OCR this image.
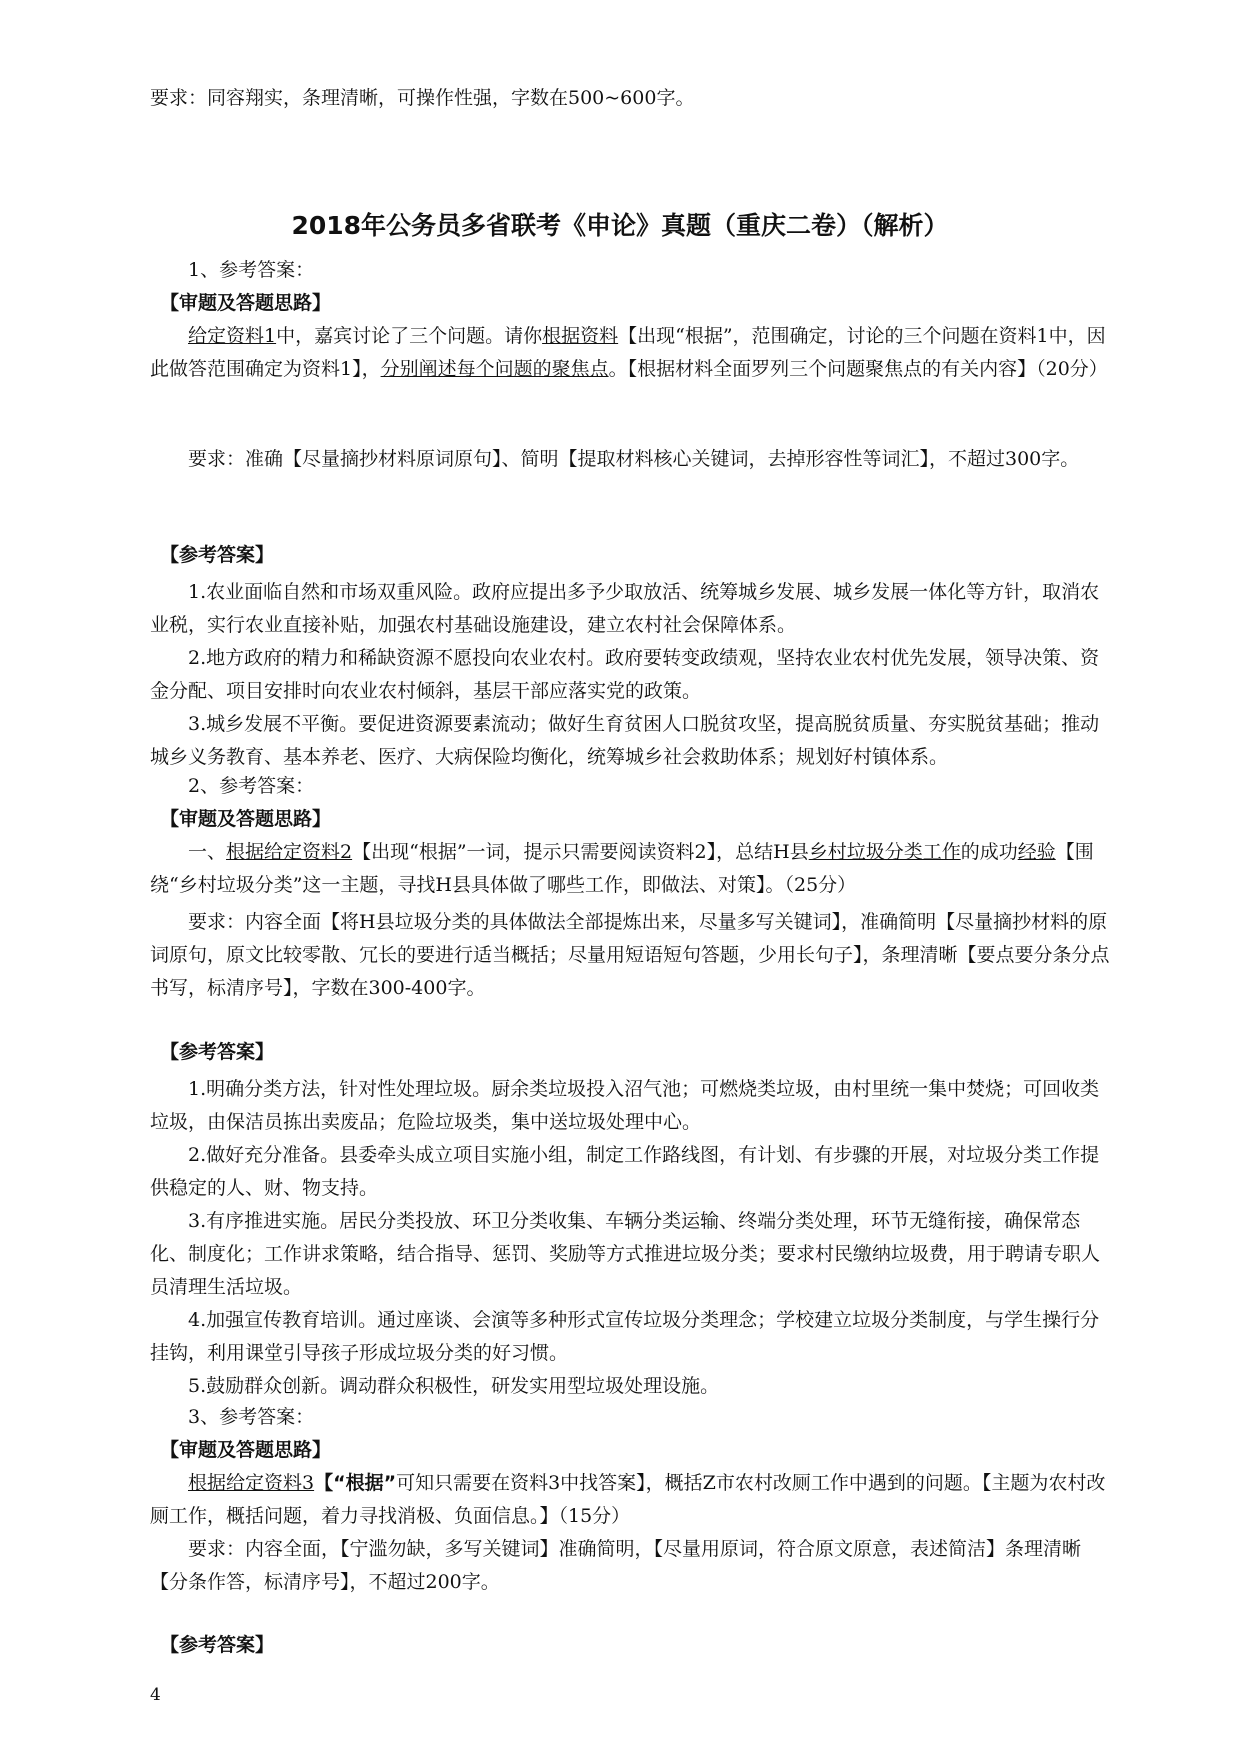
要求：同容翔实，条理清晰，可操作性强，字数在500~600字。
2018年公务员多省联考《申论》真题（重庆二卷）（解析）
1、参考答案：
【审题及答题思路】
给定资料1中，嘉宾讨论了三个问题。请你根据资料【出现“根据”，范围确定，讨论的三个问题在资料1中，因此做答范围确定为资料1】，分别阐述每个问题的聚焦点。【根据材料全面罗列三个问题聚焦点的有关内容】（20分）
要求：准确【尽量摘抄材料原词原句】、简明【提取材料核心关键词，去掉形容性等词汇】，不超过300字。
【参考答案】
1.农业面临自然和市场双重风险。政府应提出多予少取放活、统筹城乡发展、城乡发展一体化等方针，取消农业税，实行农业直接补贴，加强农村基础设施建设，建立农村社会保障体系。
2.地方政府的精力和稀缺资源不愿投向农业农村。政府要转变政绩观，坚持农业农村优先发展，领导决策、资金分配、项目安排时向农业农村倾斜，基层干部应落实党的政策。
3.城乡发展不平衡。要促进资源要素流动；做好生育贫困人口脱贫攻坚，提高脱贫质量、夯实脱贫基础；推动城乡义务教育、基本养老、医疗、大病保险均衡化，统筹城乡社会救助体系；规划好村镇体系。
2、参考答案：
【审题及答题思路】
一、根据给定资料2【出现“根据”一词，提示只需要阅读资料2】，总结H县乡村垃圾分类工作的成功经验【围绕“乡村垃圾分类”这一主题，寻找H县具体做了哪些工作，即做法、对策】。（25分）
要求：内容全面【将H县垃圾分类的具体做法全部提炼出来，尽量多写关键词】，准确简明【尽量摘抄材料的原词原句，原文比较零散、冗长的要进行适当概括；尽量用短语短句答题，少用长句子】，条理清晰【要点要分条分点书写，标清序号】，字数在300-400字。
【参考答案】
1.明确分类方法，针对性处理垃圾。厨余类垃圾投入沼气池；可燃烧类垃圾，由村里统一集中焚烧；可回收类垃圾，由保洁员拣出卖废品；危险垃圾类，集中送垃圾处理中心。
2.做好充分准备。县委牵头成立项目实施小组，制定工作路线图，有计划、有步骤的开展，对垃圾分类工作提供稳定的人、财、物支持。
3.有序推进实施。居民分类投放、环卫分类收集、车辆分类运输、终端分类处理，环节无缝衔接，确保常态化、制度化；工作讲求策略，结合指导、惩罚、奖励等方式推进垃圾分类；要求村民缴纳垃圾费，用于聘请专职人员清理生活垃圾。
4.加强宣传教育培训。通过座谈、会演等多种形式宣传垃圾分类理念；学校建立垃圾分类制度，与学生操行分挂钩，利用课堂引导孩子形成垃圾分类的好习惯。
5.鼓励群众创新。调动群众积极性，研发实用型垃圾处理设施。
3、参考答案：
【审题及答题思路】
根据给定资料3【“根据”可知只需要在资料3中找答案】，概括Z市农村改厕工作中遇到的问题。【主题为农村改厕工作，概括问题，着力寻找消极、负面信息。】（15分）
要求：内容全面，【宁滥勿缺，多写关键词】准确简明，【尽量用原词，符合原文原意，表述简洁】条理清晰【分条作答，标清序号】，不超过200字。
【参考答案】
4
